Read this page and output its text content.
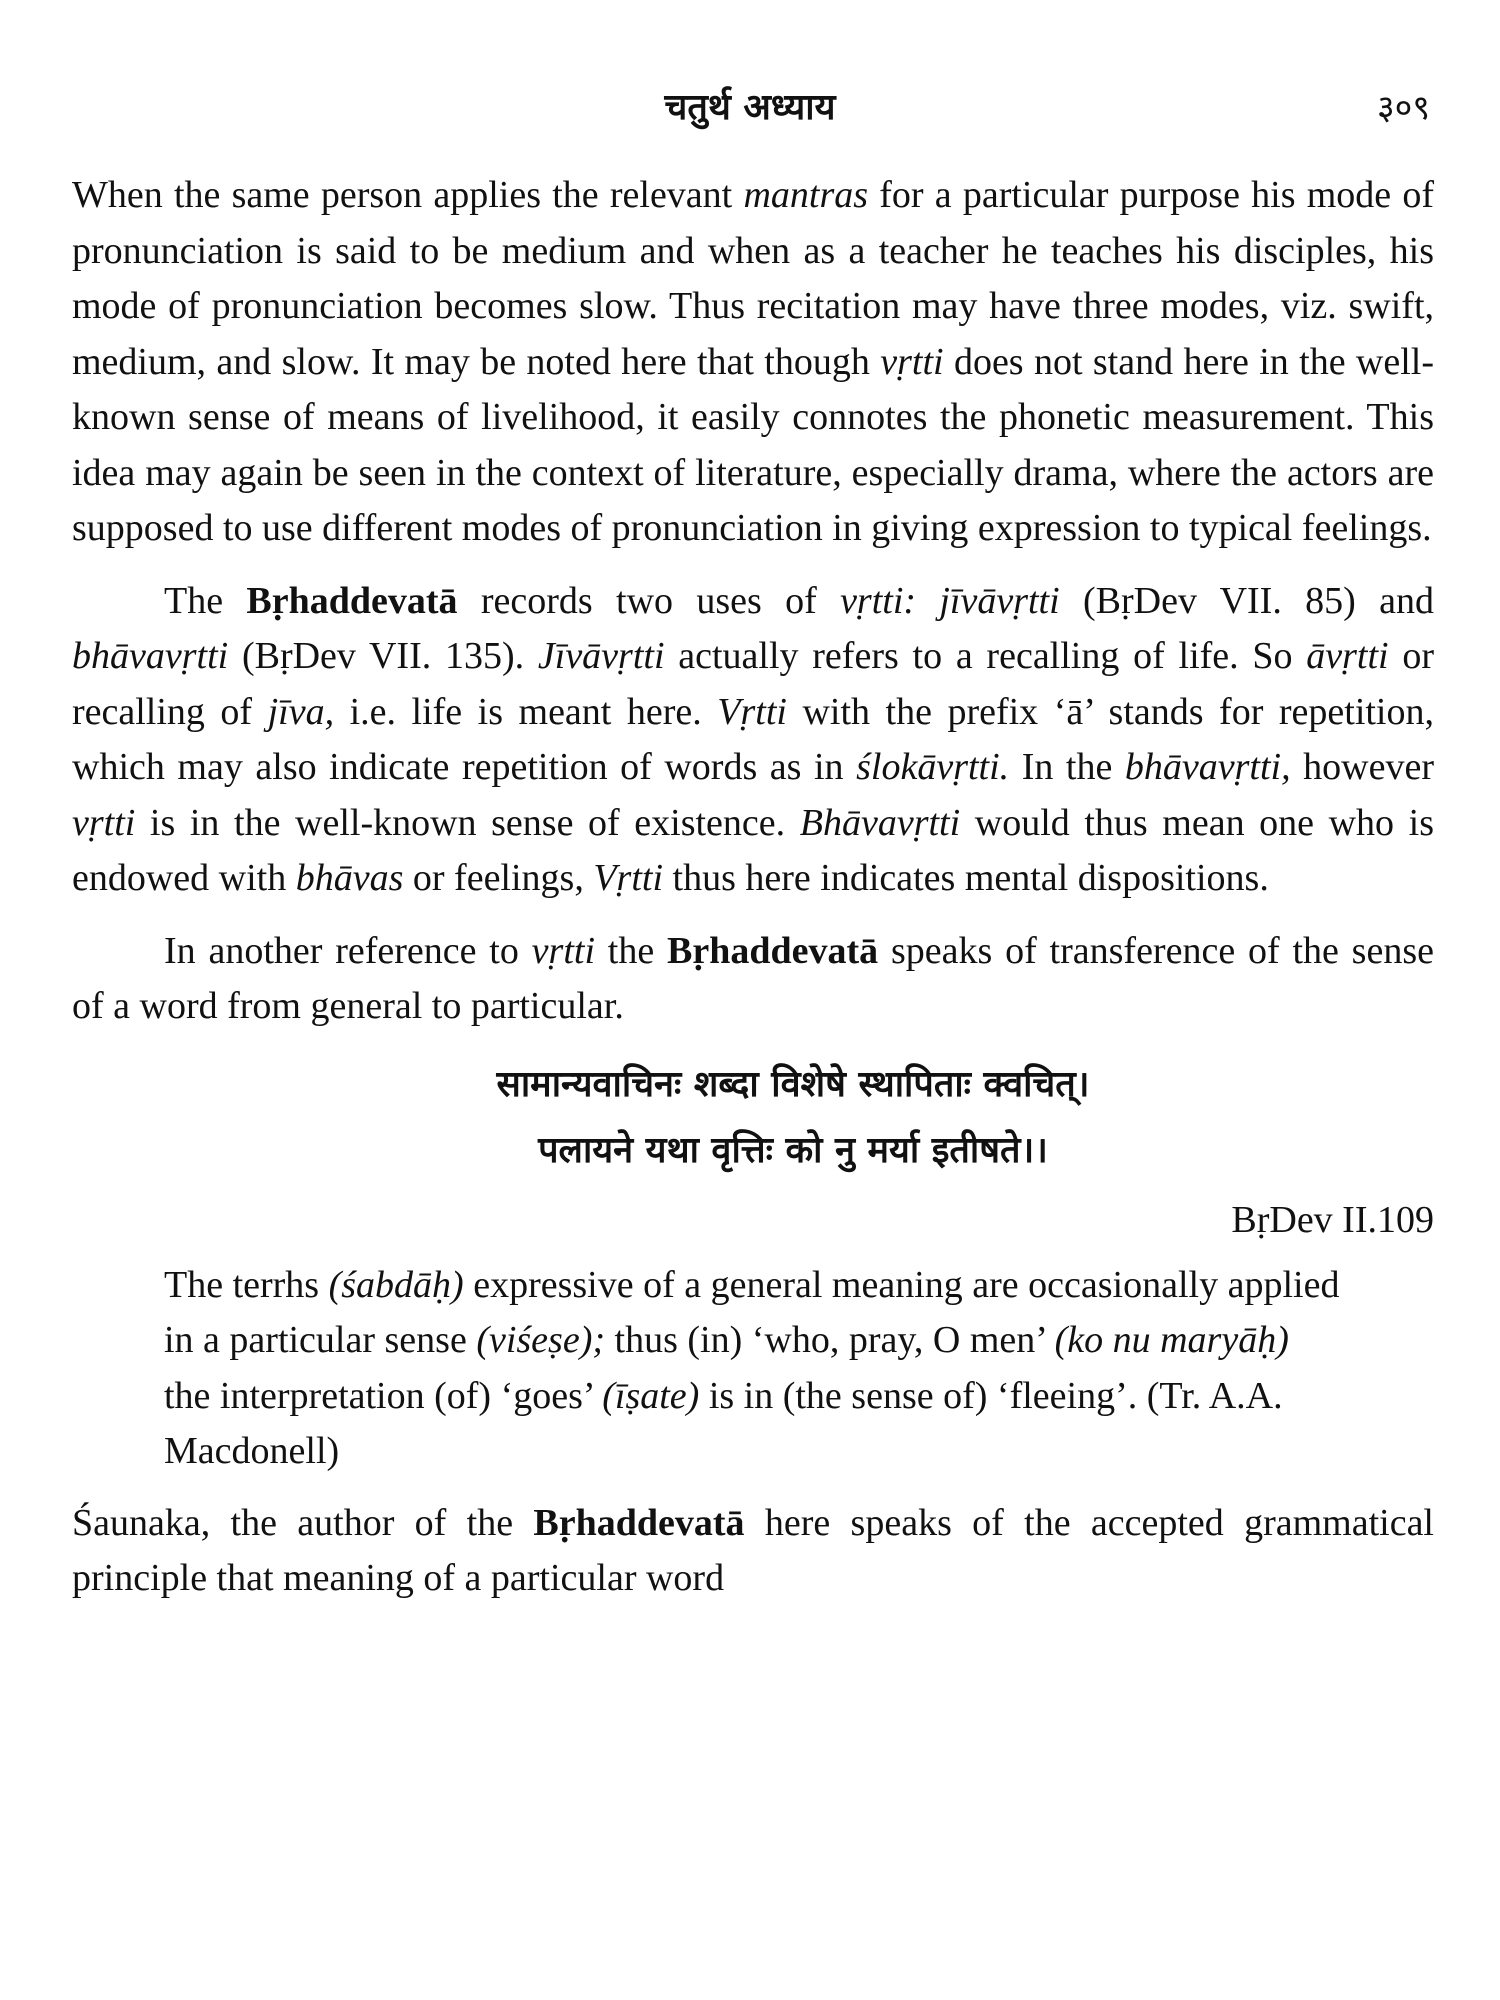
चतुर्थ अध्याय	३०९

When the same person applies the relevant mantras for a particular purpose his mode of pronunciation is said to be medium and when as a teacher he teaches his disciples, his mode of pronunciation becomes slow. Thus recitation may have three modes, viz. swift, medium, and slow. It may be noted here that though vṛtti does not stand here in the well-known sense of means of livelihood, it easily connotes the phonetic measurement. This idea may again be seen in the context of literature, especially drama, where the actors are supposed to use different modes of pronunciation in giving expression to typical feelings.

The Bṛhaddevatā records two uses of vṛtti: jīvāvṛtti (BṛDev VII. 85) and bhāvavṛtti (BṛDev VII. 135). Jīvāvṛtti actually refers to a recalling of life. So āvṛtti or recalling of jīva, i.e. life is meant here. Vṛtti with the prefix ‘ā’ stands for repetition, which may also indicate repetition of words as in ślokāvṛtti. In the bhāvavṛtti, however vṛtti is in the well-known sense of existence. Bhāvavṛtti would thus mean one who is endowed with bhāvas or feelings, Vṛtti thus here indicates mental dispositions.

In another reference to vṛtti the Bṛhaddevatā speaks of transference of the sense of a word from general to particular.

सामान्यवाचिनः शब्दा विशेषे स्थापिताः क्वचित्।
पलायने यथा वृत्तिः को नु मर्या इतीषते।।
BṛDev II.109

The terrhs (śabdāḥ) expressive of a general meaning are occasionally applied in a particular sense (viśeṣe); thus (in) ‘who, pray, O men’ (ko nu maryāḥ) the interpretation (of) ‘goes’ (īṣate) is in (the sense of) ‘fleeing’. (Tr. A.A. Macdonell)

Śaunaka, the author of the Bṛhaddevatā here speaks of the accepted grammatical principle that meaning of a particular word
